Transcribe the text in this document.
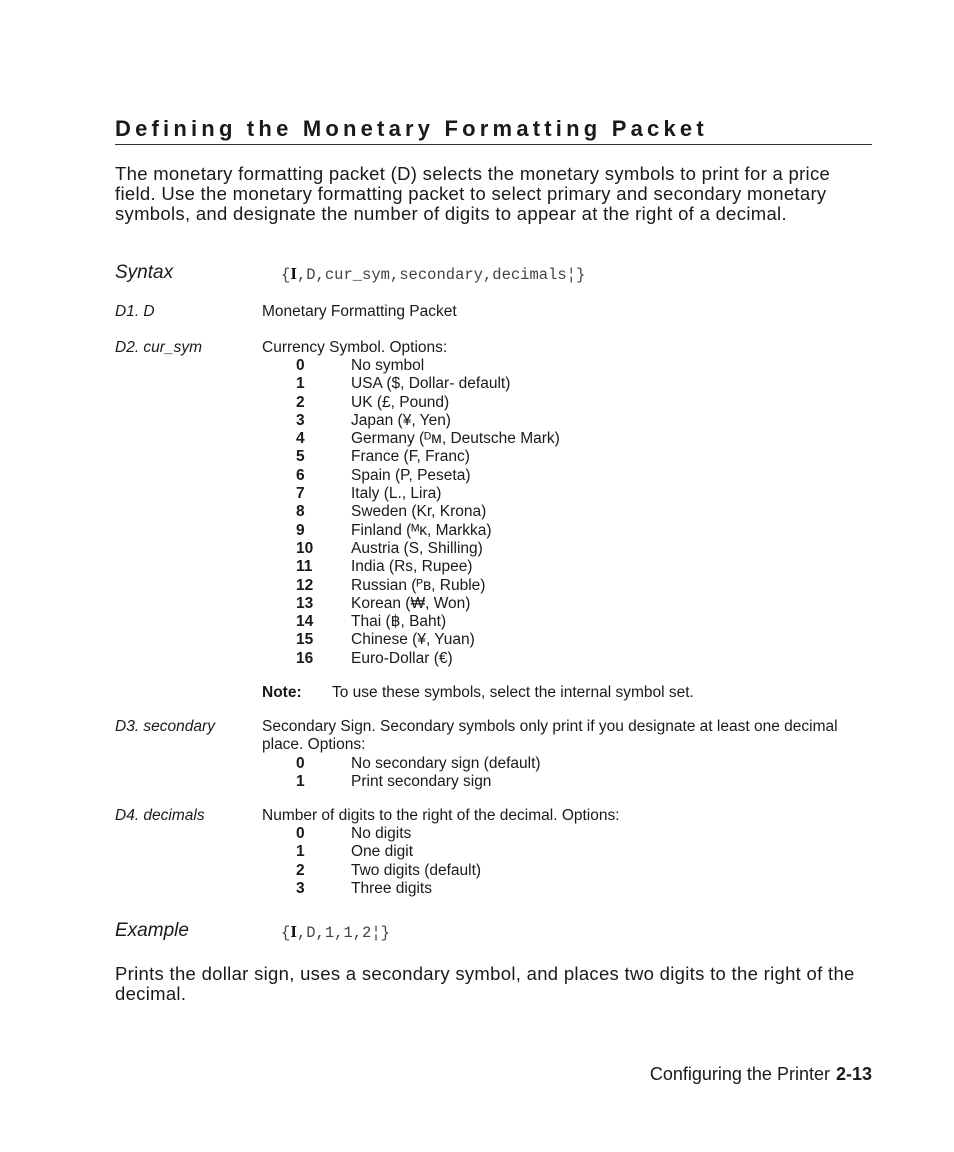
Defining the Monetary Formatting Packet
The monetary formatting packet (D) selects the monetary symbols to print for a price field. Use the monetary formatting packet to select primary and secondary monetary symbols, and designate the number of digits to appear at the right of a decimal.
Syntax	{I,D,cur_sym,secondary,decimals¦}
D1. D	Monetary Formatting Packet
D2. cur_sym	Currency Symbol. Options:
0	No symbol
1	USA ($, Dollar- default)
2	UK (£, Pound)
3	Japan (¥, Yen)
4	Germany (ᴰᴍ, Deutsche Mark)
5	France (F, Franc)
6	Spain (P, Peseta)
7	Italy (L., Lira)
8	Sweden (Kr, Krona)
9	Finland (ᴹᴋ, Markka)
10 Austria (S, Shilling)
11 India (Rs, Rupee)
12 Russian (ᴾʙ, Ruble)
13 Korean (₩, Won)
14 Thai (฿, Baht)
15 Chinese (¥, Yuan)
16 Euro-Dollar (€)
Note: To use these symbols, select the internal symbol set.
D3. secondary	Secondary Sign. Secondary symbols only print if you designate at least one decimal place. Options:
0	No secondary sign (default)
1	Print secondary sign
D4. decimals	Number of digits to the right of the decimal. Options:
0	No digits
1	One digit
2	Two digits (default)
3	Three digits
Example	{I,D,1,1,2¦}
Prints the dollar sign, uses a secondary symbol, and places two digits to the right of the decimal.
Configuring the Printer 2-13
